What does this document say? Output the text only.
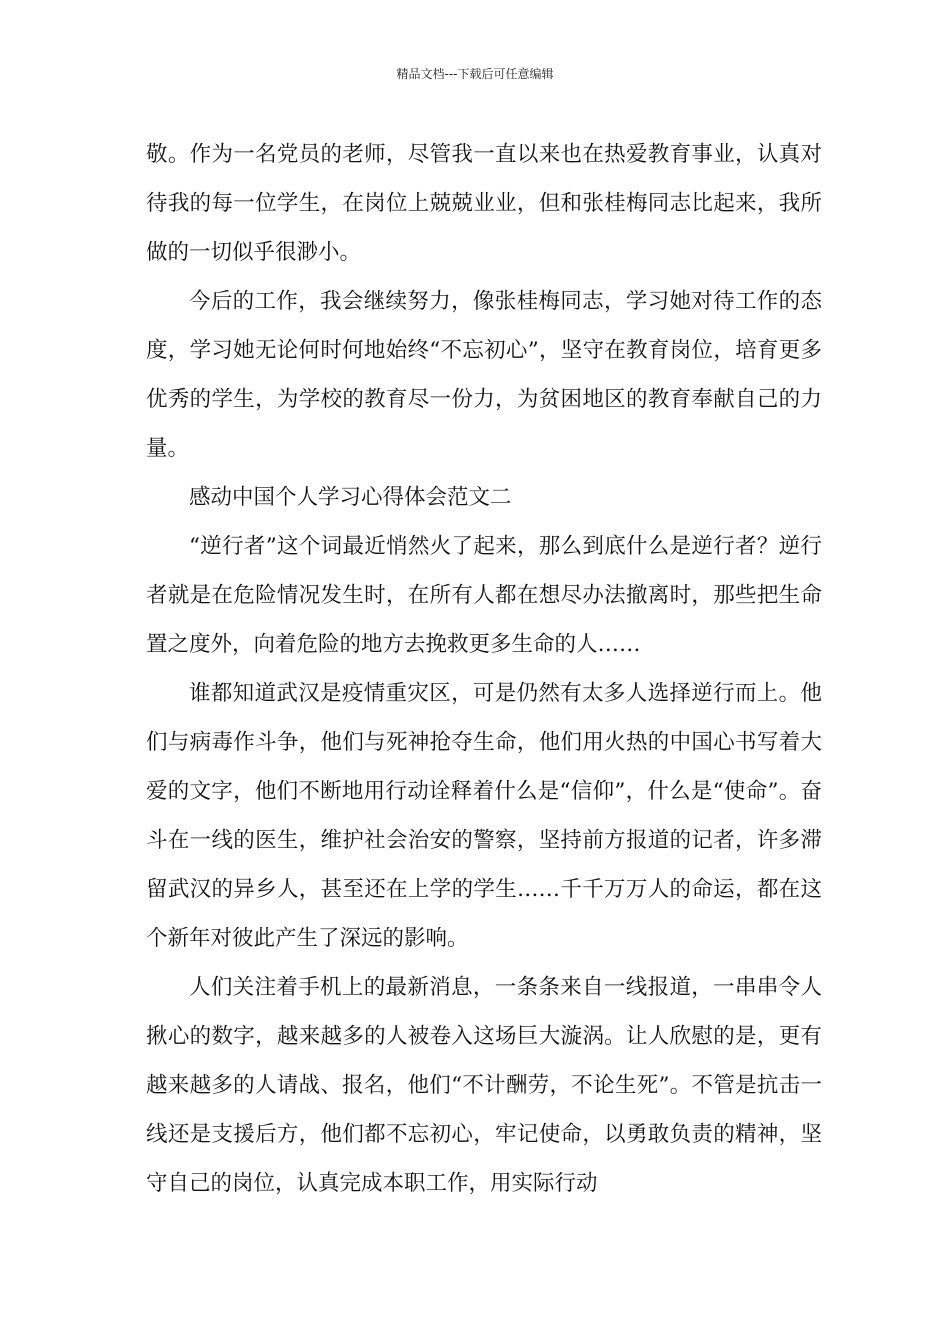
精品文档---下载后可任意编辑

敬。作为一名党员的老师，尽管我一直以来也在热爱教育事业，认真对待我的每一位学生，在岗位上兢兢业业，但和张桂梅同志比起来，我所做的一切似乎很渺小。

今后的工作，我会继续努力，像张桂梅同志，学习她对待工作的态度，学习她无论何时何地始终“不忘初心”，坚守在教育岗位，培育更多优秀的学生，为学校的教育尽一份力，为贫困地区的教育奉献自己的力量。

感动中国个人学习心得体会范文二

“逆行者”这个词最近悄然火了起来，那么到底什么是逆行者？逆行者就是在危险情况发生时，在所有人都在想尽办法撤离时，那些把生命置之度外，向着危险的地方去挽救更多生命的人……

谁都知道武汉是疫情重灾区，可是仍然有太多人选择逆行而上。他们与病毒作斗争，他们与死神抢夺生命，他们用火热的中国心书写着大爱的文字，他们不断地用行动诠释着什么是“信仰”，什么是“使命”。奋斗在一线的医生，维护社会治安的警察，坚持前方报道的记者，许多滞留武汉的异乡人，甚至还在上学的学生……千千万万人的命运，都在这个新年对彼此产生了深远的影响。

人们关注着手机上的最新消息，一条条来自一线报道，一串串令人揪心的数字，越来越多的人被卷入这场巨大漩涡。让人欣慰的是，更有越来越多的人请战、报名，他们“不计酬劳，不论生死”。不管是抗击一线还是支援后方，他们都不忘初心，牢记使命，以勇敢负责的精神，坚守自己的岗位，认真完成本职工作，用实际行动
